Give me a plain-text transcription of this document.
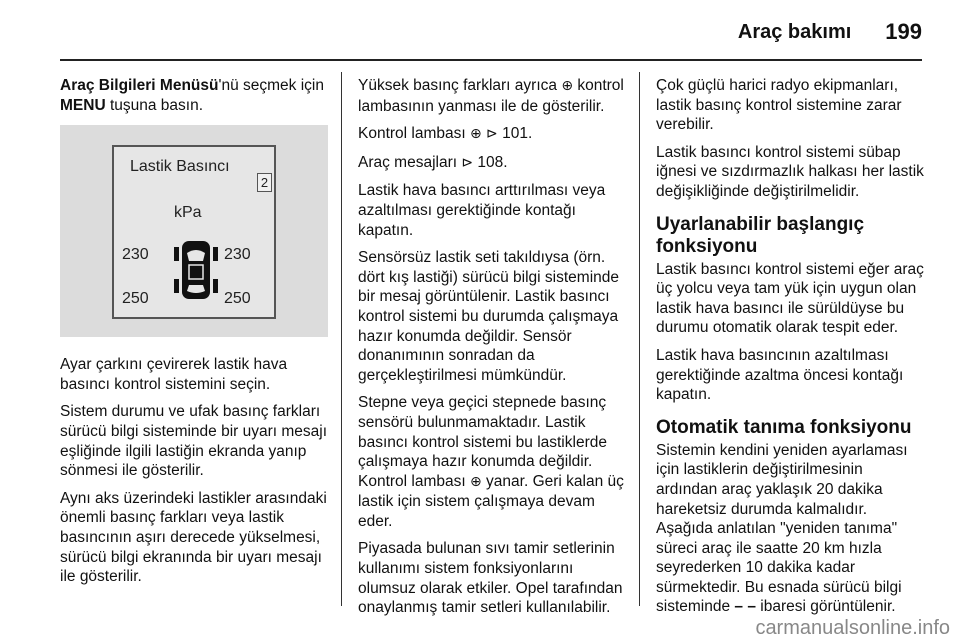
Araç bakımı 199

Araç Bilgileri Menüsü'nü seçmek için
MENU tuşuna basın.

Lastik Basıncı
2
kPa
230	230
250	250

Ayar çarkını çevirerek lastik hava basıncı kontrol sistemini seçin.

Sistem durumu ve ufak basınç farkları sürücü bilgi sisteminde bir uyarı mesajı eşliğinde ilgili lastiğin ekranda yanıp sönmesi ile gösterilir.

Aynı aks üzerindeki lastikler arasındaki önemli basınç farkları veya lastik basıncının aşırı derecede yükselmesi, sürücü bilgi ekranında bir uyarı mesajı ile gösterilir.

Yüksek basınç farkları ayrıca ⊕ kontrol lambasının yanması ile de gösterilir.

Kontrol lambası ⊕ ⊳ 101.

Araç mesajları ⊳ 108.

Lastik hava basıncı arttırılması veya azaltılması gerektiğinde kontağı kapatın.

Sensörsüz lastik seti takıldıysa (örn. dört kış lastiği) sürücü bilgi sisteminde bir mesaj görüntülenir. Lastik basıncı kontrol sistemi bu durumda çalışmaya hazır konumda değildir. Sensör donanımının sonradan da gerçekleştirilmesi mümkündür.

Stepne veya geçici stepnede basınç sensörü bulunmamaktadır. Lastik basıncı kontrol sistemi bu lastiklerde çalışmaya hazır konumda değildir. Kontrol lambası ⊕ yanar. Geri kalan üç lastik için sistem çalışmaya devam eder.

Piyasada bulunan sıvı tamir setlerinin kullanımı sistem fonksiyonlarını olumsuz olarak etkiler. Opel tarafından onaylanmış tamir setleri kullanılabilir.

Çok güçlü harici radyo ekipmanları, lastik basınç kontrol sistemine zarar verebilir.

Lastik basıncı kontrol sistemi sübap iğnesi ve sızdırmazlık halkası her lastik değişikliğinde değiştirilmelidir.

Uyarlanabilir başlangıç fonksiyonu

Lastik basıncı kontrol sistemi eğer araç üç yolcu veya tam yük için uygun olan lastik hava basıncı ile sürüldüyse bu durumu otomatik olarak tespit eder.

Lastik hava basıncının azaltılması gerektiğinde azaltma öncesi kontağı kapatın.

Otomatik tanıma fonksiyonu

Sistemin kendini yeniden ayarlaması için lastiklerin değiştirilmesinin ardından araç yaklaşık 20 dakika hareketsiz durumda kalmalıdır. Aşağıda anlatılan "yeniden tanıma" süreci araç ile saatte 20 km hızla seyrederken 10 dakika kadar sürmektedir. Bu esnada sürücü bilgi sisteminde – – ibaresi görüntülenir.

carmanualsonline.info
